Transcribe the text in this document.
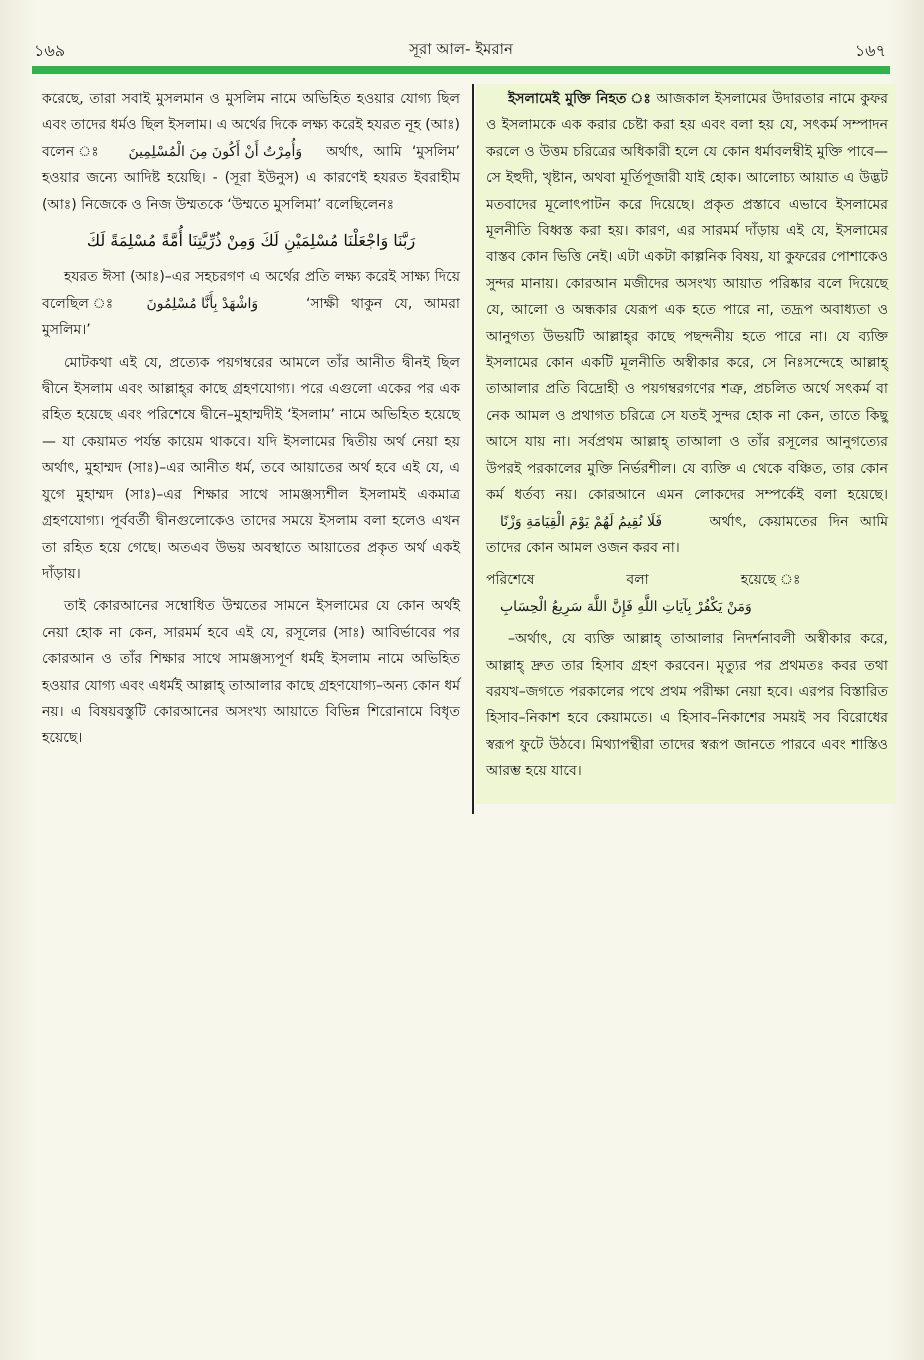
১৬৯	সূরা আল- ইমরান	১৬৭

করেছে, তারা সবাই মুসলমান ও মুসলিম নামে অভিহিত হওয়ার যোগ্য ছিল এবং তাদের ধর্মও ছিল ইসলাম। এ অর্থের দিকে লক্ষ্য করেই হযরত নূহ (আঃ) বলেন ঃ وَأُمِرْتُ أَنْ أَكُونَ مِنَ الْمُسْلِمِينَ অর্থাৎ, আমি ‘মুসলিম’ হওয়ার জন্যে আদিষ্ট হয়েছি। - (সূরা ইউনুস) এ কারণেই হযরত ইবরাহীম (আঃ) নিজেকে ও নিজ উম্মতকে ‘উম্মতে মুসলিমা’ বলেছিলেনঃ

رَبَّنَا وَاجْعَلْنَا مُسْلِمَيْنِ لَكَ وَمِنْ ذُرِّيَّتِنَا أُمَّةً مُسْلِمَةً لَكَ

হযরত ঈসা (আঃ)–এর সহচরগণ এ অর্থের প্রতি লক্ষ্য করেই সাক্ষ্য দিয়ে বলেছিল ঃ وَاشْهَدْ بِأَنَّا مُسْلِمُونَ	‘সাক্ষী থাকুন যে, আমরা মুসলিম।’

মোটকথা এই যে, প্রত্যেক পয়গম্বরের আমলে তাঁর আনীত দ্বীনই ছিল দ্বীনে ইসলাম এবং আল্লাহ্‌র কাছে গ্রহণযোগ্য। পরে এগুলো একের পর এক রহিত হয়েছে এবং পরিশেষে দ্বীনে–মুহাম্মদীই ‘ইসলাম’ নামে অভিহিত হয়েছে— যা কেয়ামত পর্যন্ত কায়েম থাকবে। যদি ইসলামের দ্বিতীয় অর্থ নেয়া হয় অর্থাৎ, মুহাম্মদ (সাঃ)–এর আনীত ধর্ম, তবে আয়াতের অর্থ হবে এই যে, এ যুগে মুহাম্মদ (সাঃ)–এর শিক্ষার সাথে সামঞ্জস্যশীল ইসলামই একমাত্র গ্রহণযোগ্য। পূর্ববর্তী দ্বীনগুলোকেও তাদের সময়ে ইসলাম বলা হলেও এখন তা রহিত হয়ে গেছে। অতএব উভয় অবস্থাতে আয়াতের প্রকৃত অর্থ একই দাঁড়ায়।

তাই কোরআনের সম্বোধিত উম্মতের সামনে ইসলামের যে কোন অর্থই নেয়া হোক না কেন, সারমর্ম হবে এই যে, রসূলের (সাঃ) আবির্ভাবের পর কোরআন ও তাঁর শিক্ষার সাথে সামঞ্জস্যপূর্ণ ধর্মই ইসলাম নামে অভিহিত হওয়ার যোগ্য এবং এধর্মই আল্লাহ্‌ তাআলার কাছে গ্রহণযোগ্য–অন্য কোন ধর্ম নয়। এ বিষয়বস্তুটি কোরআনের অসংখ্য আয়াতে বিভিন্ন শিরোনামে বিধৃত হয়েছে।

ইসলামেই মুক্তি নিহত ঃ আজকাল ইসলামের উদারতার নামে কুফর ও ইসলামকে এক করার চেষ্টা করা হয় এবং বলা হয় যে, সৎকর্ম সম্পাদন করলে ও উত্তম চরিত্রের অধিকারী হলে যে কোন ধর্মাবলম্বীই মুক্তি পাবে— সে ইহুদী, খৃষ্টান, অথবা মূর্তিপূজারী যাই হোক। আলোচ্য আয়াত এ উদ্ভট মতবাদের মূলোৎপাটন করে দিয়েছে। প্রকৃত প্রস্তাবে এভাবে ইসলামের মূলনীতি বিধ্বস্ত করা হয়। কারণ, এর সারমর্ম দাঁড়ায় এই যে, ইসলামের বাস্তব কোন ভিত্তি নেই। এটা একটা কাল্পনিক বিষয়, যা কুফরের পোশাকেও সুন্দর মানায়। কোরআন মজীদের অসংখ্য আয়াত পরিষ্কার বলে দিয়েছে যে, আলো ও অন্ধকার যেরূপ এক হতে পারে না, তদ্রূপ অবাধ্যতা ও আনুগত্য উভয়টি আল্লাহ্‌র কাছে পছন্দনীয় হতে পারে না। যে ব্যক্তি ইসলামের কোন একটি মূলনীতি অস্বীকার করে, সে নিঃসন্দেহে আল্লাহ্‌ তাআলার প্রতি বিদ্রোহী ও পয়গম্বরগণের শত্রু, প্রচলিত অর্থে সৎকর্ম বা নেক আমল ও প্রথাগত চরিত্রে সে যতই সুন্দর হোক না কেন, তাতে কিছু আসে যায় না। সর্বপ্রথম আল্লাহ্‌ তাআলা ও তাঁর রসূলের আনুগত্যের উপরই পরকালের মুক্তি নির্ভরশীল। যে ব্যক্তি এ থেকে বঞ্চিত, তার কোন কর্ম ধর্তব্য নয়। কোরআনে এমন লোকদের সম্পর্কেই বলা হয়েছে। فَلَا نُقِيمُ لَهُمْ يَوْمَ الْقِيَامَةِ وَزْنًا	অর্থাৎ, কেয়ামতের দিন আমি তাদের কোন আমল ওজন করব না।

পরিশেষে বলা হয়েছে ঃ وَمَنْ يَكْفُرْ بِآيَاتِ اللَّهِ فَإِنَّ اللَّهَ سَرِيعُ الْحِسَابِ

–অর্থাৎ, যে ব্যক্তি আল্লাহ্‌ তাআলার নিদর্শনাবলী অস্বীকার করে, আল্লাহ্‌ দ্রুত তার হিসাব গ্রহণ করবেন। মৃত্যুর পর প্রথমতঃ কবর তথা বরযখ–জগতে পরকালের পথে প্রথম পরীক্ষা নেয়া হবে। এরপর বিস্তারিত হিসাব–নিকাশ হবে কেয়ামতে। এ হিসাব–নিকাশের সময়ই সব বিরোধের স্বরূপ ফুটে উঠবে। মিথ্যাপন্থীরা তাদের স্বরূপ জানতে পারবে এবং শাস্তিও আরম্ভ হয়ে যাবে।
